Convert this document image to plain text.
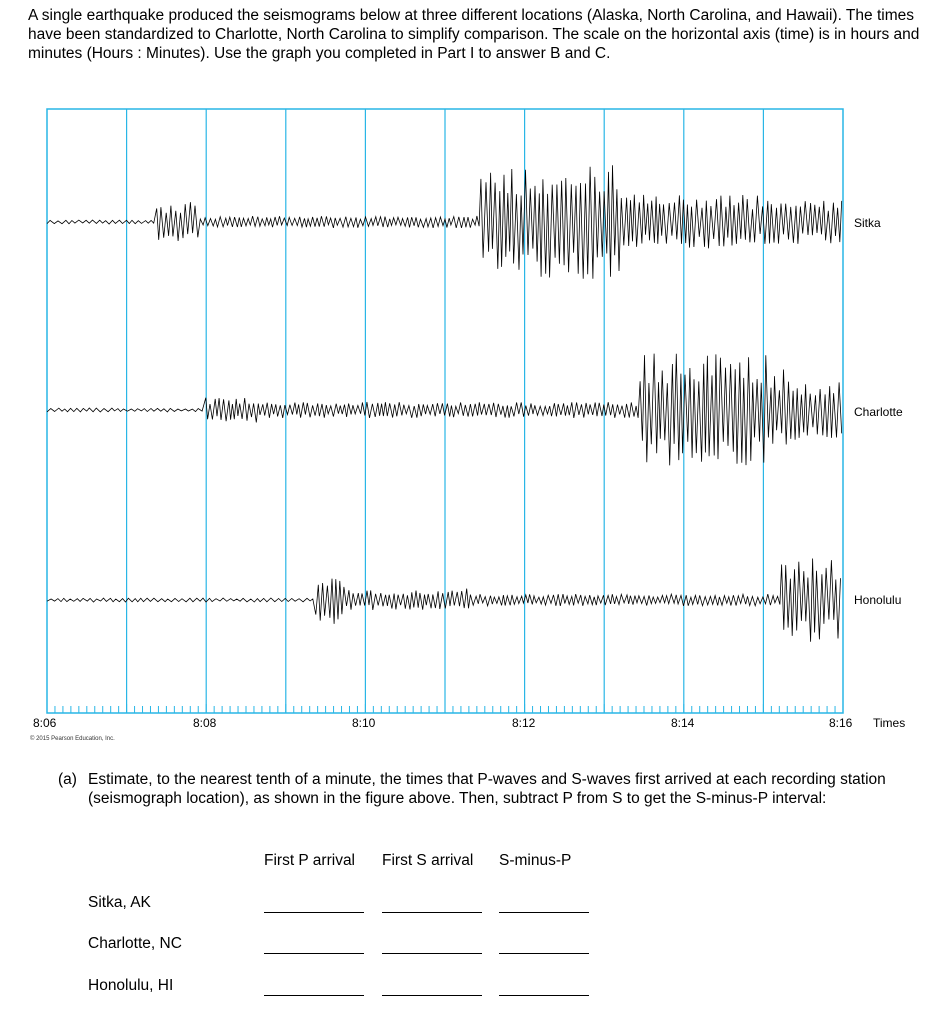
A single earthquake produced the seismograms below at three different locations (Alaska, North Carolina, and Hawaii). The times have been standardized to Charlotte, North Carolina to simplify comparison. The scale on the horizontal axis (time) is in hours and minutes (Hours : Minutes). Use the graph you completed in Part I to answer B and C.
Sitka
Charlotte
Honolulu
8:06	8:08	8:10	8:12	8:14	8:16 Times
© 2015 Pearson Education, Inc.
(a) Estimate, to the nearest tenth of a minute, the times that P-waves and S-waves first arrived at each recording station (seismograph location), as shown in the figure above. Then, subtract P from S to get the S-minus-P interval:
First P arrival First S arrival S-minus-P
Sitka, AK
Charlotte, NC
Honolulu, HI
